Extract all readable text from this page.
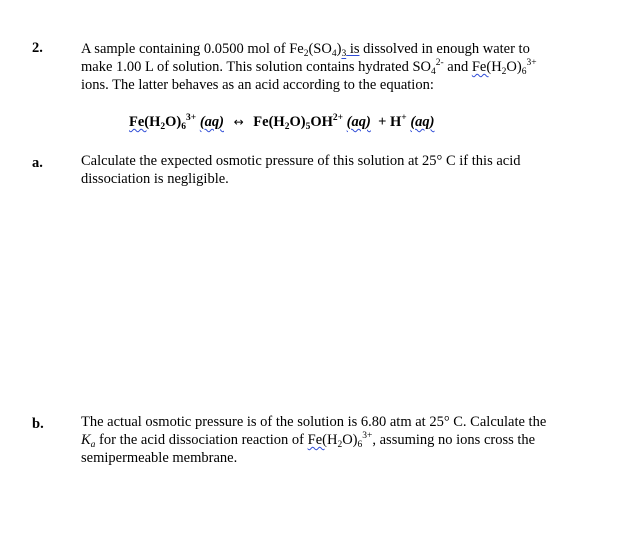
2.	A sample containing 0.0500 mol of $Fe_2(SO_4)_3$ is dissolved in enough water to
make 1.00 L of solution. This solution contains hydrated $SO_4^{2-}$ and $Fe(H_2O)_6^{3+}$
ions. The latter behaves as an acid according to the equation:
$Fe(H_2O)_6^{3+}$ (aq) ↔ $Fe(H_2O)_5OH^{2+}$ (aq) + H+ (aq)
a.	Calculate the expected osmotic pressure of this solution at 25° C if this acid
dissociation is negligible.
b.	The actual osmotic pressure is of the solution is 6.80 atm at 25° C. Calculate the
$K_a$ for the acid dissociation reaction of $Fe(H_2O)_6^{3+}$, assuming no ions cross the
semipermeable membrane.
